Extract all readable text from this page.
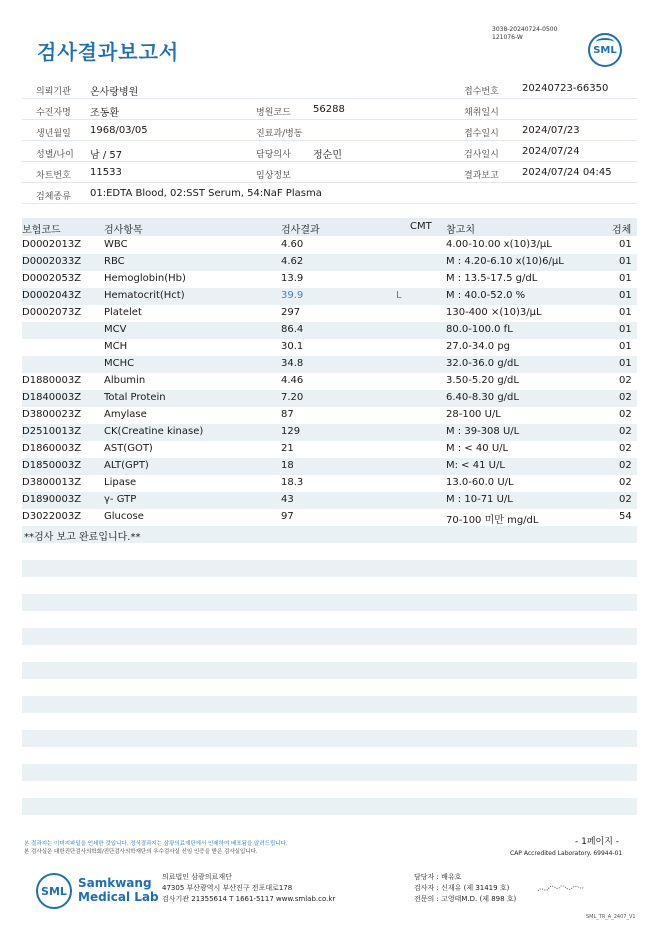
검사결과보고서
3038-20240724-0500
121076-W
SML
의뢰기관 온사랑병원	접수번호 20240723-66350
수진자명 조동환	병원코드 56288	채취일시
생년월일 1968/03/05	진료과/병동	접수일시 2024/07/23
성별/나이 남 / 57	담당의사 정순민	검사일시 2024/07/24
차트번호 11533	임상정보	결과보고 2024/07/24 04:45
검체종류 01:EDTA Blood, 02:SST Serum, 54:NaF Plasma
보험코드	검사항목	검사결과	CMT 참고치	검체
D0002013Z WBC	4.60	4.00-10.00 x(10)3/μL	01
D0002033Z RBC	4.62	M : 4.20-6.10 x(10)6/μL	01
D0002053Z Hemoglobin(Hb)	13.9	M : 13.5-17.5 g/dL	01
D0002043Z Hematocrit(Hct)	39.9	L	M : 40.0-52.0 %	01
D0002073Z Platelet	297	130-400 ×(10)3/μL	01
MCV	86.4	80.0-100.0 fL	01
MCH	30.1	27.0-34.0 pg	01
MCHC	34.8	32.0-36.0 g/dL	01
D1880003Z Albumin	4.46	3.50-5.20 g/dL	02
D1840003Z Total Protein	7.20	6.40-8.30 g/dL	02
D3800023Z Amylase	87	28-100 U/L	02
D2510013Z CK(Creatine kinase)	129	M : 39-308 U/L	02
D1860003Z AST(GOT)	21	M : < 40 U/L	02
D1850003Z ALT(GPT)	18	M: < 41 U/L	02
D3800013Z Lipase	18.3	13.0-60.0 U/L	02
D1890003Z γ- GTP	43	M : 10-71 U/L	02
D3022003Z Glucose	97	70-100 미만 mg/dL	54
**검사 보고 완료입니다.**
본 결과지는 이미지파일을 인쇄한 것입니다. 정식결과지는 삼광의료재단에서 인쇄하여 배포됨을 알려드립니다.
본 검사실은 대한진단검사의학회/진단검사의학재단의 우수검사실 신임 인증을 받은 검사실입니다.
- 1페이지 -
CAP Accredited Laboratory. 69944-01
SML
Samkwang
Medical Lab
의료법인 삼광의료재단
47305 부산광역시 부산진구 전포대로178
검사기관 21355614 T 1661-5117 www.smlab.co.kr
담당자 : 배유호
검사자 : 신재유 (제 31419 호)
전문의 : 고영태M.D. (제 898 호)
SML_TR_A_2407_V1
